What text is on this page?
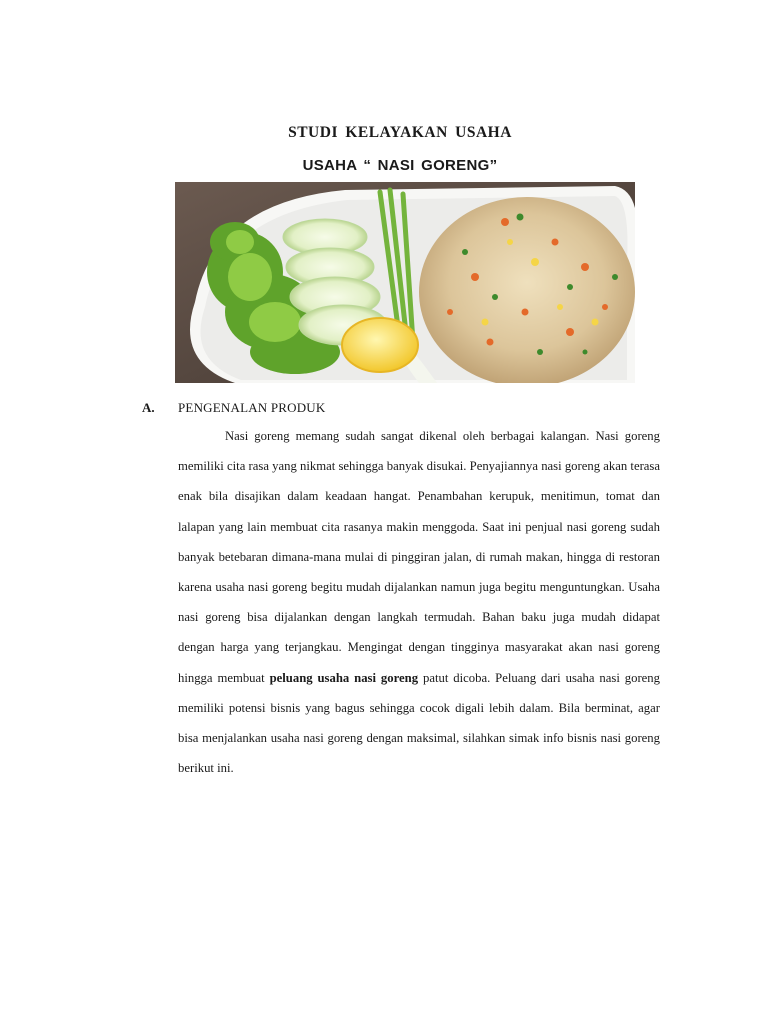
STUDI KELAYAKAN USAHA
USAHA “ NASI GORENG”
A. PENGENALAN PRODUK

Nasi goreng memang sudah sangat dikenal oleh berbagai kalangan. Nasi goreng memiliki cita rasa yang nikmat sehingga banyak disukai. Penyajiannya nasi goreng akan terasa enak bila disajikan dalam keadaan hangat. Penambahan kerupuk, menitimun, tomat dan lalapan yang lain membuat cita rasanya makin menggoda. Saat ini penjual nasi goreng sudah banyak betebaran dimana-mana mulai di pinggiran jalan, di rumah makan, hingga di restoran karena usaha nasi goreng begitu mudah dijalankan namun juga begitu menguntungkan. Usaha nasi goreng bisa dijalankan dengan langkah termudah. Bahan baku juga mudah didapat dengan harga yang terjangkau. Mengingat dengan tingginya masyarakat akan nasi goreng hingga membuat peluang usaha nasi goreng patut dicoba. Peluang dari usaha nasi goreng memiliki potensi bisnis yang bagus sehingga cocok digali lebih dalam. Bila berminat, agar bisa menjalankan usaha nasi goreng dengan maksimal, silahkan simak info bisnis nasi goreng berikut ini.
